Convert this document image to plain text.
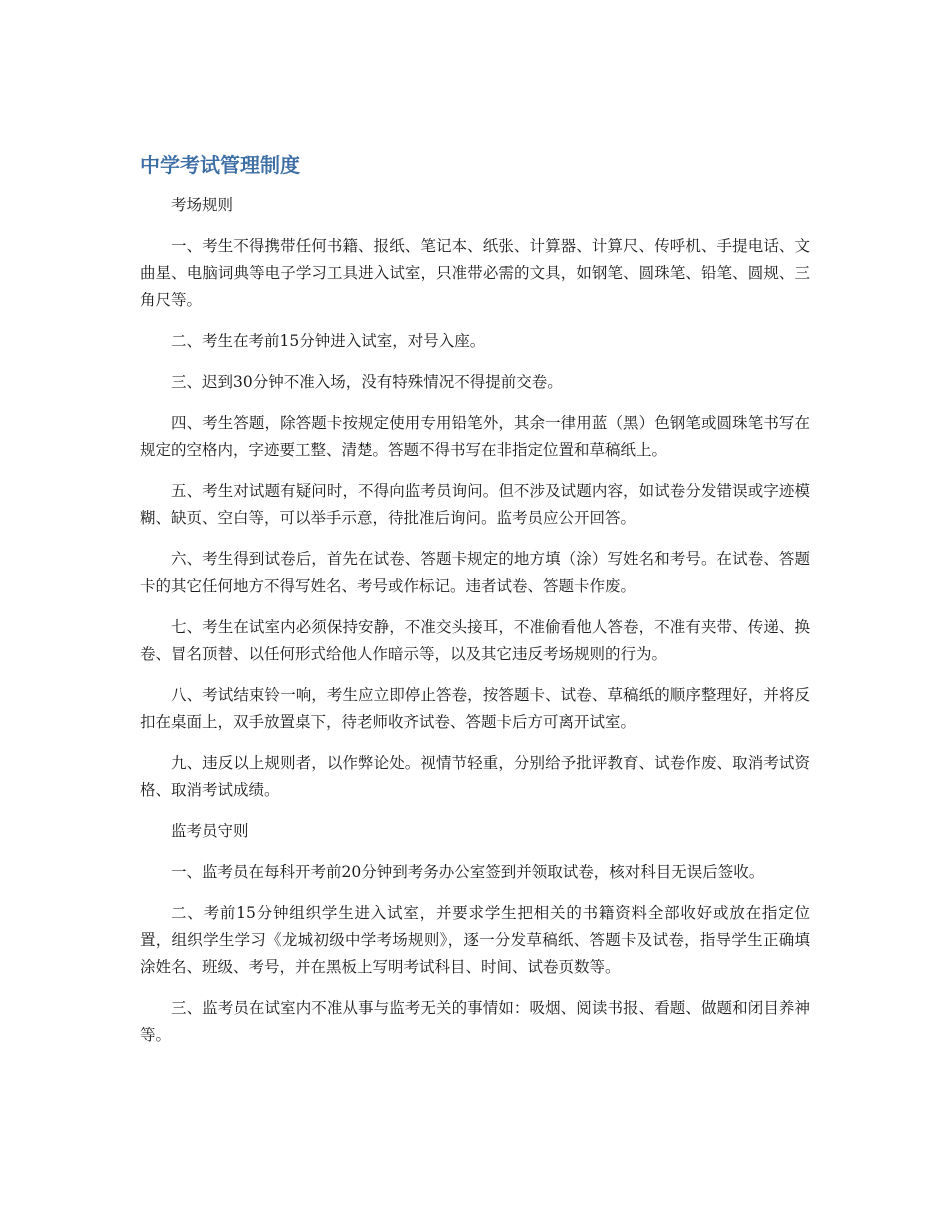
中学考试管理制度
考场规则

一、考生不得携带任何书籍、报纸、笔记本、纸张、计算器、计算尺、传呼机、手提电话、文曲星、电脑词典等电子学习工具进入试室，只准带必需的文具，如钢笔、圆珠笔、铅笔、圆规、三角尺等。

二、考生在考前15分钟进入试室，对号入座。

三、迟到30分钟不准入场，没有特殊情况不得提前交卷。

四、考生答题，除答题卡按规定使用专用铅笔外，其余一律用蓝（黑）色钢笔或圆珠笔书写在规定的空格内，字迹要工整、清楚。答题不得书写在非指定位置和草稿纸上。

五、考生对试题有疑问时，不得向监考员询问。但不涉及试题内容，如试卷分发错误或字迹模糊、缺页、空白等，可以举手示意，待批准后询问。监考员应公开回答。

六、考生得到试卷后，首先在试卷、答题卡规定的地方填（涂）写姓名和考号。在试卷、答题卡的其它任何地方不得写姓名、考号或作标记。违者试卷、答题卡作废。

七、考生在试室内必须保持安静，不准交头接耳，不准偷看他人答卷，不准有夹带、传递、换卷、冒名顶替、以任何形式给他人作暗示等，以及其它违反考场规则的行为。

八、考试结束铃一响，考生应立即停止答卷，按答题卡、试卷、草稿纸的顺序整理好，并将反扣在桌面上，双手放置桌下，待老师收齐试卷、答题卡后方可离开试室。

九、违反以上规则者，以作弊论处。视情节轻重，分别给予批评教育、试卷作废、取消考试资格、取消考试成绩。

监考员守则

一、监考员在每科开考前20分钟到考务办公室签到并领取试卷，核对科目无误后签收。

二、考前15分钟组织学生进入试室，并要求学生把相关的书籍资料全部收好或放在指定位置，组织学生学习《龙城初级中学考场规则》，逐一分发草稿纸、答题卡及试卷，指导学生正确填涂姓名、班级、考号，并在黑板上写明考试科目、时间、试卷页数等。

三、监考员在试室内不准从事与监考无关的事情如：吸烟、阅读书报、看题、做题和闭目养神等。
